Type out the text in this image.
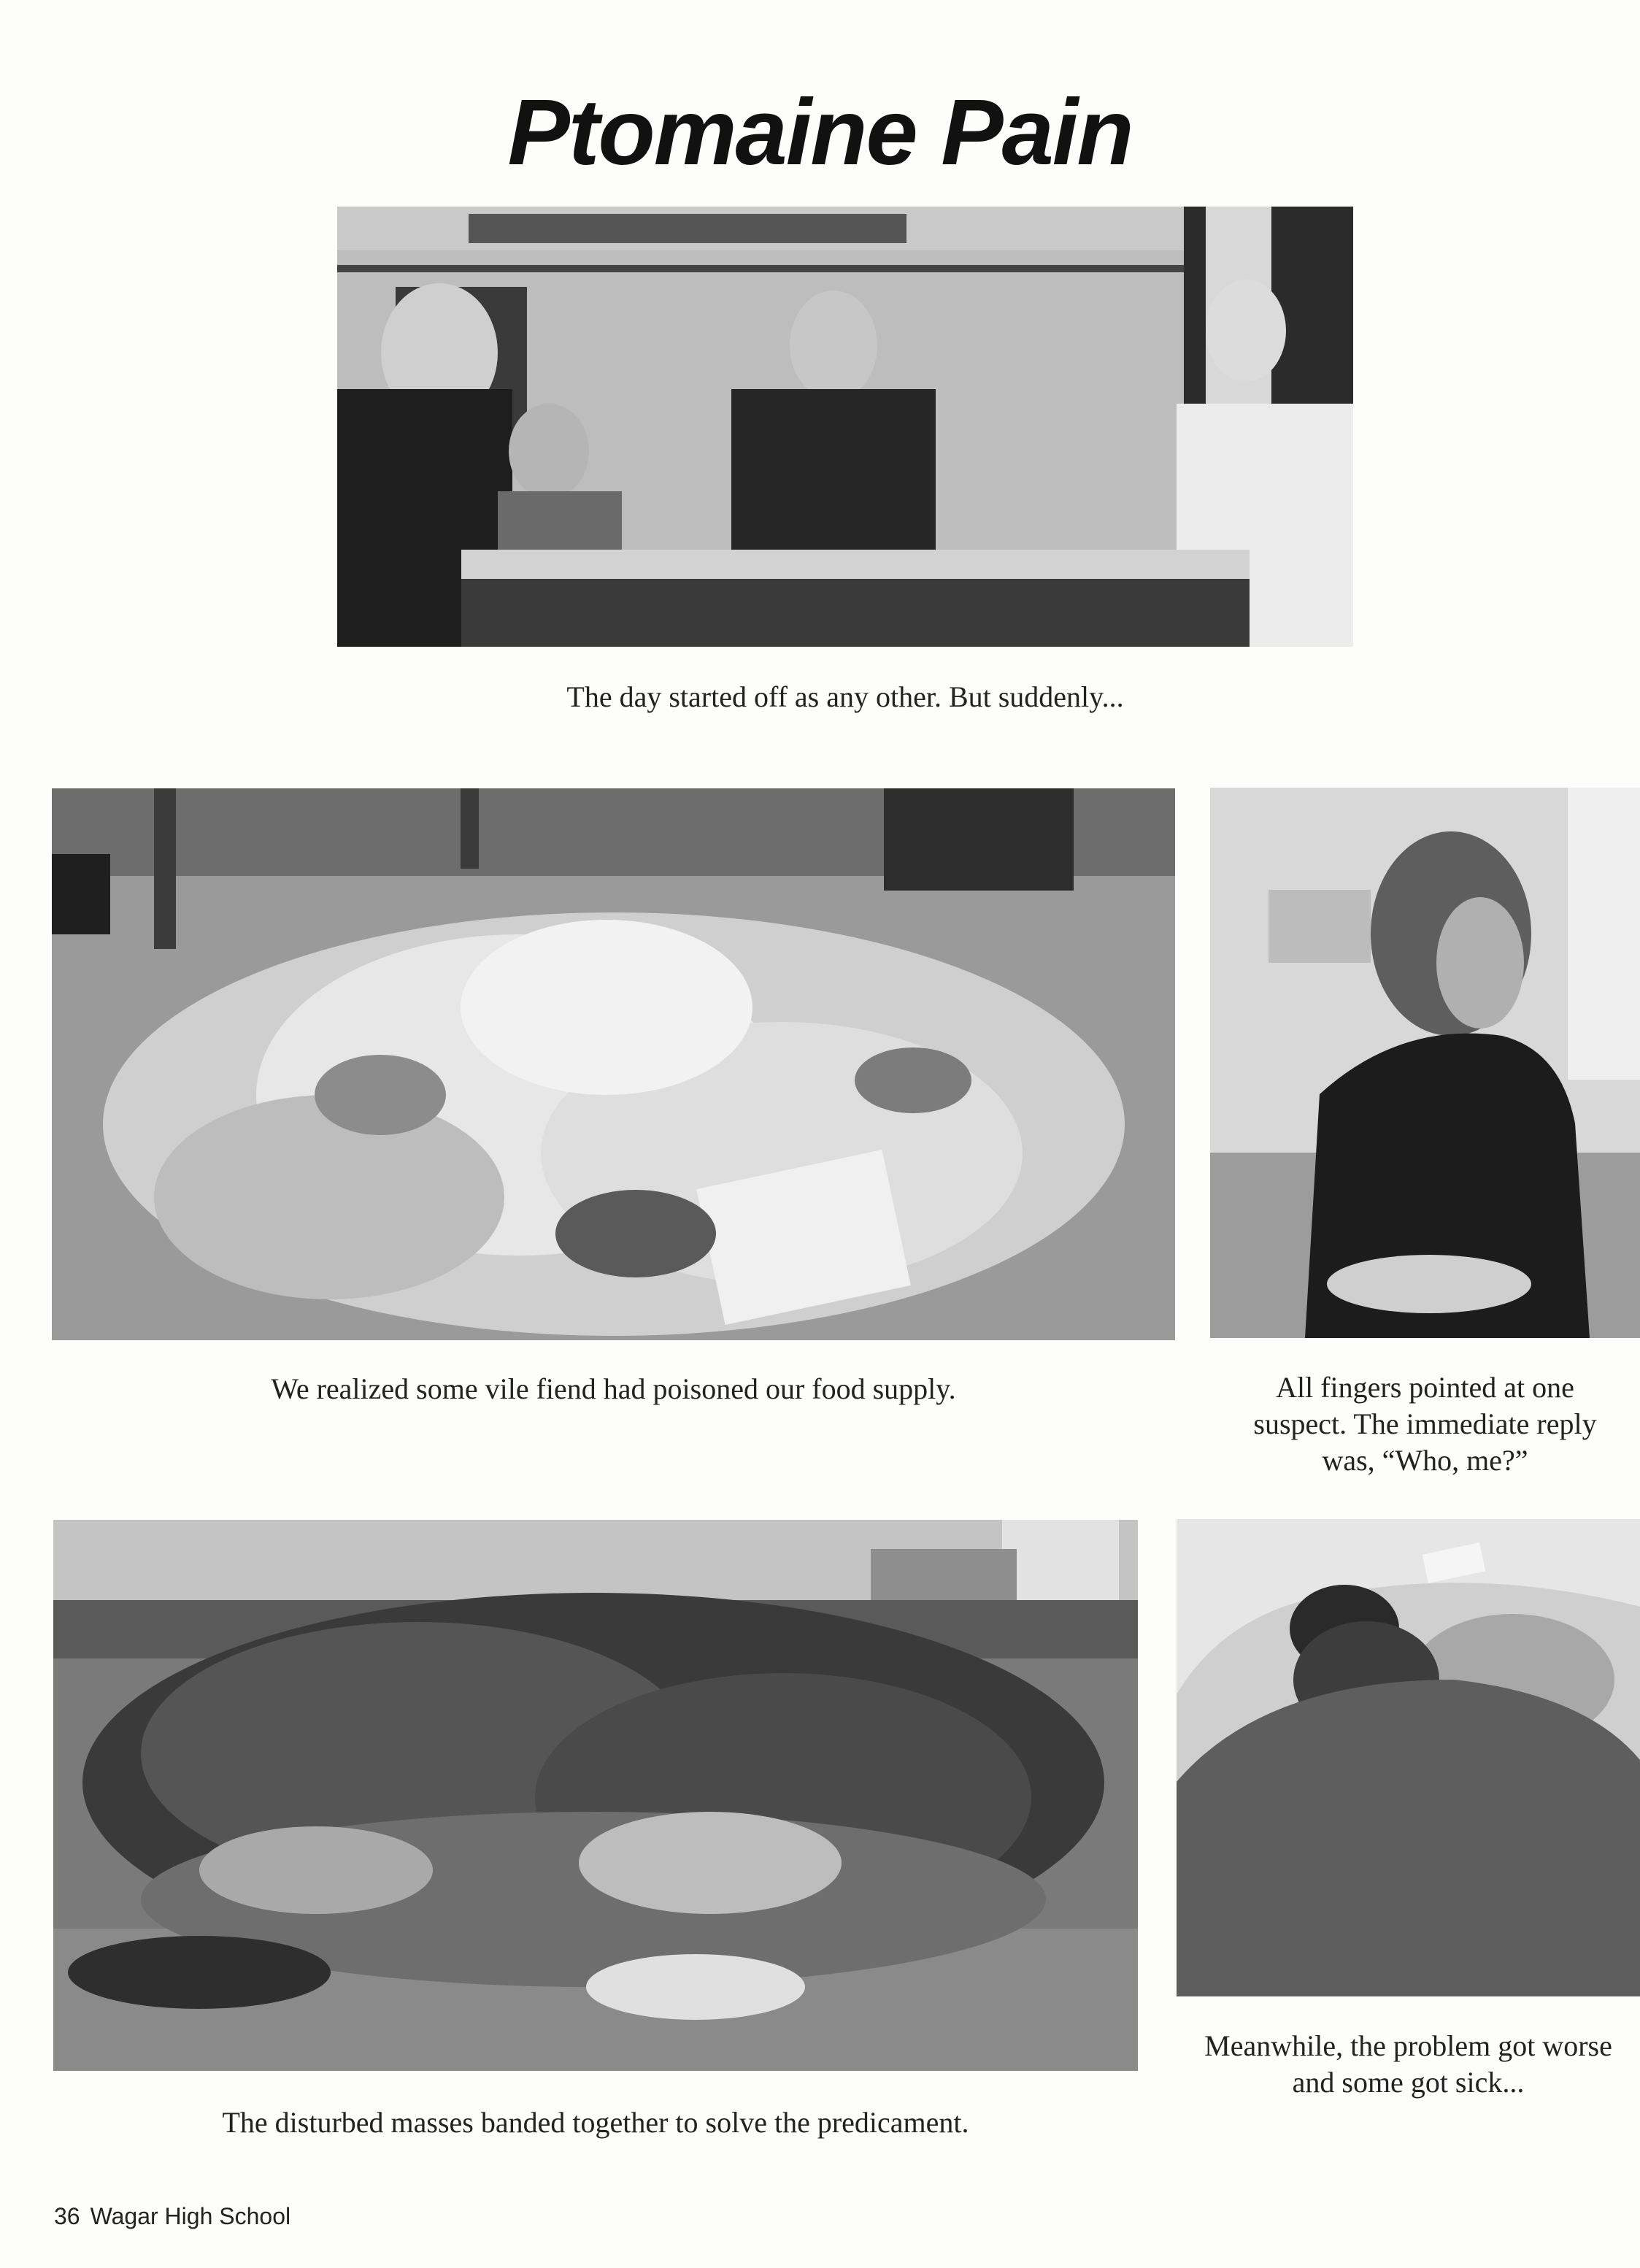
Ptomaine Pain
The day started off as any other. But suddenly...
We realized some vile fiend had poisoned our food supply.	All fingers pointed at one
suspect. The immediate reply
was, “Who, me?”
The disturbed masses banded together to solve the predicament.
Meanwhile, the problem got worse
and some got sick...
36 Wagar High School
